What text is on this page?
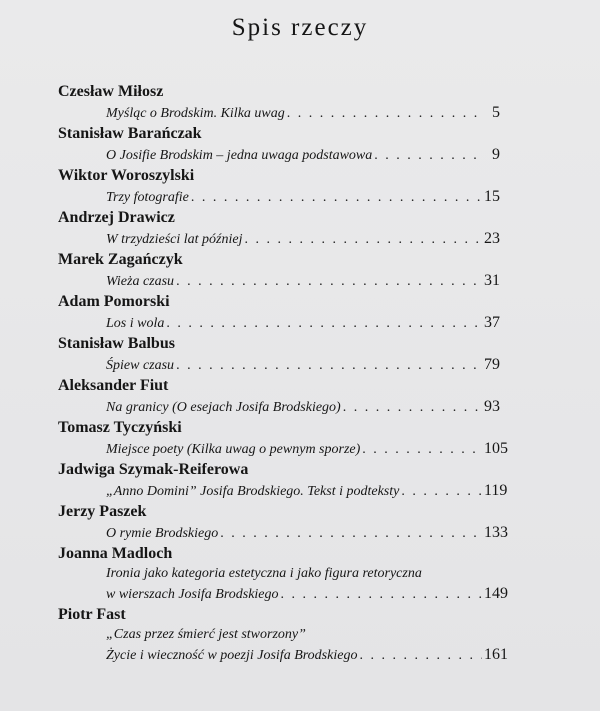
Spis rzeczy
Czesław Miłosz
Myśląc o Brodskim. Kilka uwag . . .	5
Stanisław Barańczak
O Josifie Brodskim – jedna uwaga podstawowa . . .	9
Wiktor Woroszylski
Trzy fotografie . . .	15
Andrzej Drawicz
W trzydzieści lat później . . .	23
Marek Zagańczyk
Wieża czasu . . .	31
Adam Pomorski
Los i wola . . .	37
Stanisław Balbus
Śpiew czasu . . .	79
Aleksander Fiut
Na granicy (O esejach Josifa Brodskiego) . . .	93
Tomasz Tyczyński
Miejsce poety (Kilka uwag o pewnym sporze) . . .	105
Jadwiga Szymak-Reiferowa
„Anno Domini” Josifa Brodskiego. Tekst i podteksty . . .	119
Jerzy Paszek
O rymie Brodskiego . . .	133
Joanna Madloch
Ironia jako kategoria estetyczna i jako figura retoryczna
w wierszach Josifa Brodskiego . . .	149
Piotr Fast
„Czas przez śmierć jest stworzony”
Życie i wieczność w poezji Josifa Brodskiego . . .	161
